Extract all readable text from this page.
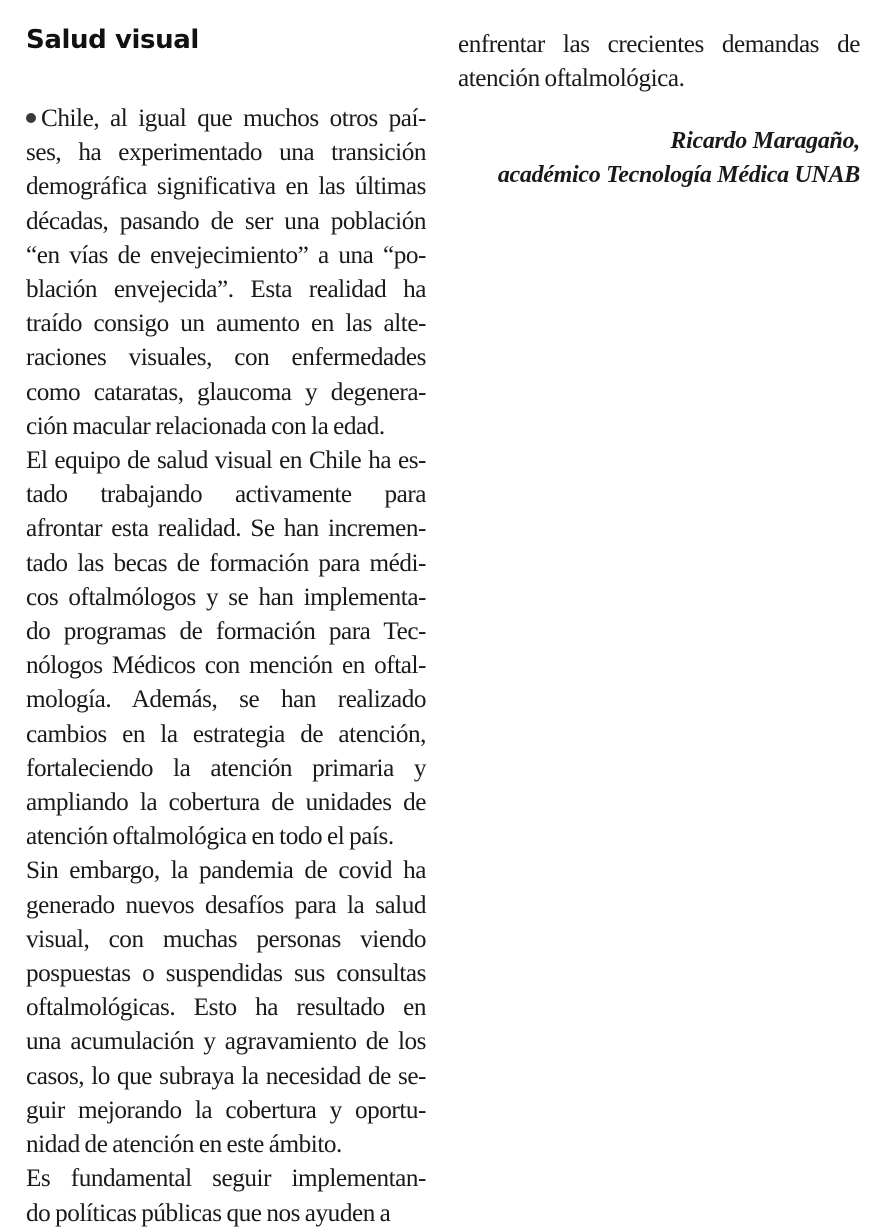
Salud visual
Chile, al igual que muchos otros paí-
ses, ha experimentado una transición
demográfica significativa en las últimas
décadas, pasando de ser una población
“en vías de envejecimiento” a una “po-
blación envejecida”. Esta realidad ha
traído consigo un aumento en las alte-
raciones visuales, con enfermedades
como cataratas, glaucoma y degenera-
ción macular relacionada con la edad.
El equipo de salud visual en Chile ha es-
tado trabajando activamente para
afrontar esta realidad. Se han incremen-
tado las becas de formación para médi-
cos oftalmólogos y se han implementa-
do programas de formación para Tec-
nólogos Médicos con mención en oftal-
mología. Además, se han realizado
cambios en la estrategia de atención,
fortaleciendo la atención primaria y
ampliando la cobertura de unidades de
atención oftalmológica en todo el país.
Sin embargo, la pandemia de covid ha
generado nuevos desafíos para la salud
visual, con muchas personas viendo
pospuestas o suspendidas sus consultas
oftalmológicas. Esto ha resultado en
una acumulación y agravamiento de los
casos, lo que subraya la necesidad de se-
guir mejorando la cobertura y oportu-
nidad de atención en este ámbito.
Es fundamental seguir implementan-
do políticas públicas que nos ayuden a
enfrentar las crecientes demandas de
atención oftalmológica.
Ricardo Maragaño,
académico Tecnología Médica UNAB
